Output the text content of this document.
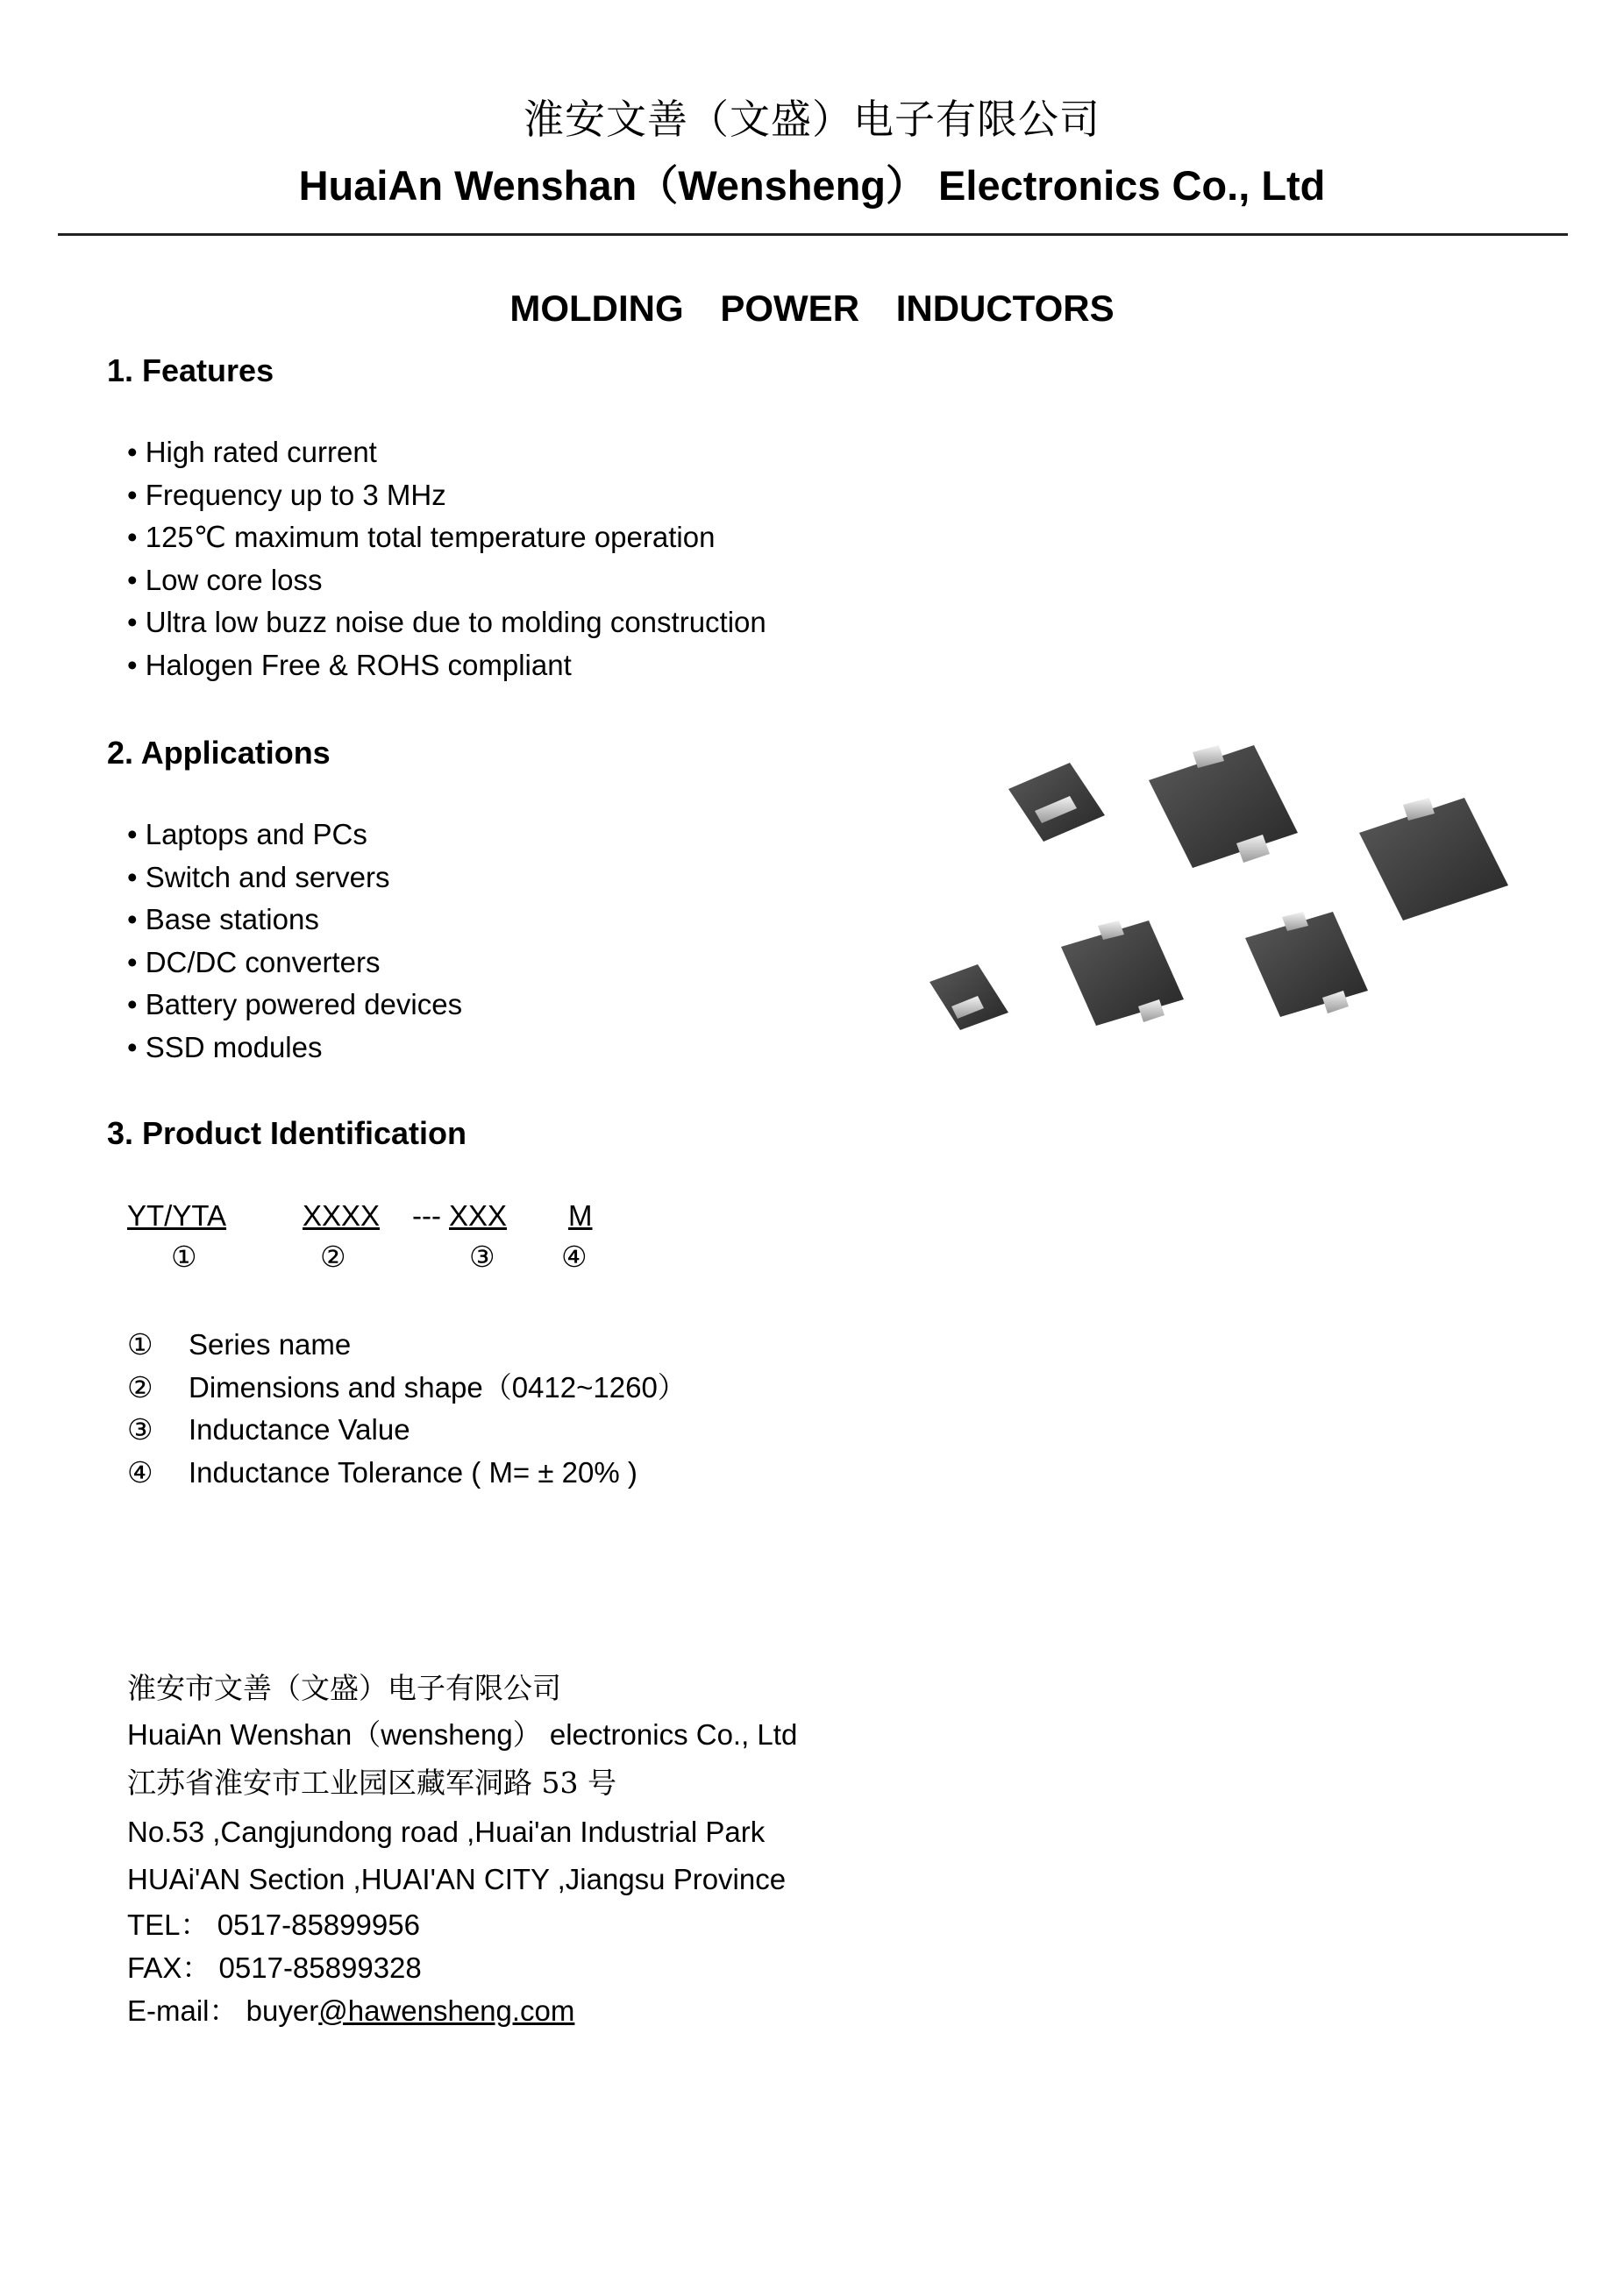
淮安文善（文盛）电子有限公司
HuaiAn Wenshan（Wensheng） Electronics Co., Ltd
MOLDING POWER INDUCTORS
1. Features
• High rated current
• Frequency up to 3 MHz
• 125℃ maximum total temperature operation
• Low core loss
• Ultra low buzz noise due to molding construction
• Halogen Free & ROHS compliant
2. Applications
• Laptops and PCs
• Switch and servers
• Base stations
• DC/DC converters
• Battery powered devices
• SSD modules
3. Product Identification
YT/YTA	XXXX --- XXX M
①	②	③ ④
① Series name
② Dimensions and shape（0412~1260）
③ Inductance Value
④ Inductance Tolerance ( M= ± 20% )
淮安市文善（文盛）电子有限公司
HuaiAn Wenshan（wensheng） electronics Co., Ltd
江苏省淮安市工业园区藏军洞路 53 号
No.53 ,Cangjundong road ,Huai'an Industrial Park
HUAi'AN Section ,HUAI'AN CITY ,Jiangsu Province
TEL： 0517-85899956
FAX： 0517-85899328
E-mail： buyer@hawensheng.com
